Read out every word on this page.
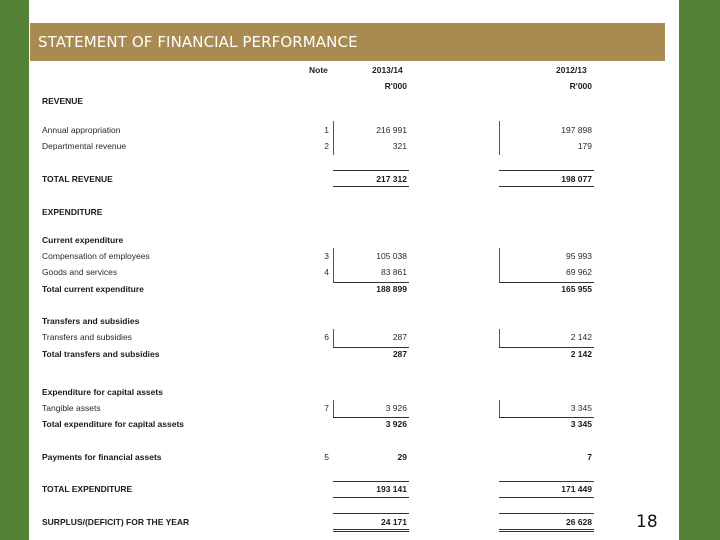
STATEMENT OF FINANCIAL PERFORMANCE
Note	2013/14	2012/13
R'000	R'000
REVENUE
Annual appropriation	1	216 991	197 898
Departmental revenue	2	321	179
TOTAL REVENUE	217 312	198 077
EXPENDITURE
Current expenditure
Compensation of employees	3	105 038	95 993
Goods and services	4	83 861	69 962
Total current expenditure	188 899	165 955
Transfers and subsidies
Transfers and subsidies	6	287	2 142
Total transfers and subsidies	287	2 142
Expenditure for capital assets
Tangible assets	7	3 926	3 345
Total expenditure for capital assets	3 926	3 345
Payments for financial assets	5	29	7
TOTAL EXPENDITURE	193 141	171 449
SURPLUS/(DEFICIT) FOR THE YEAR	24 171	26 628	18
